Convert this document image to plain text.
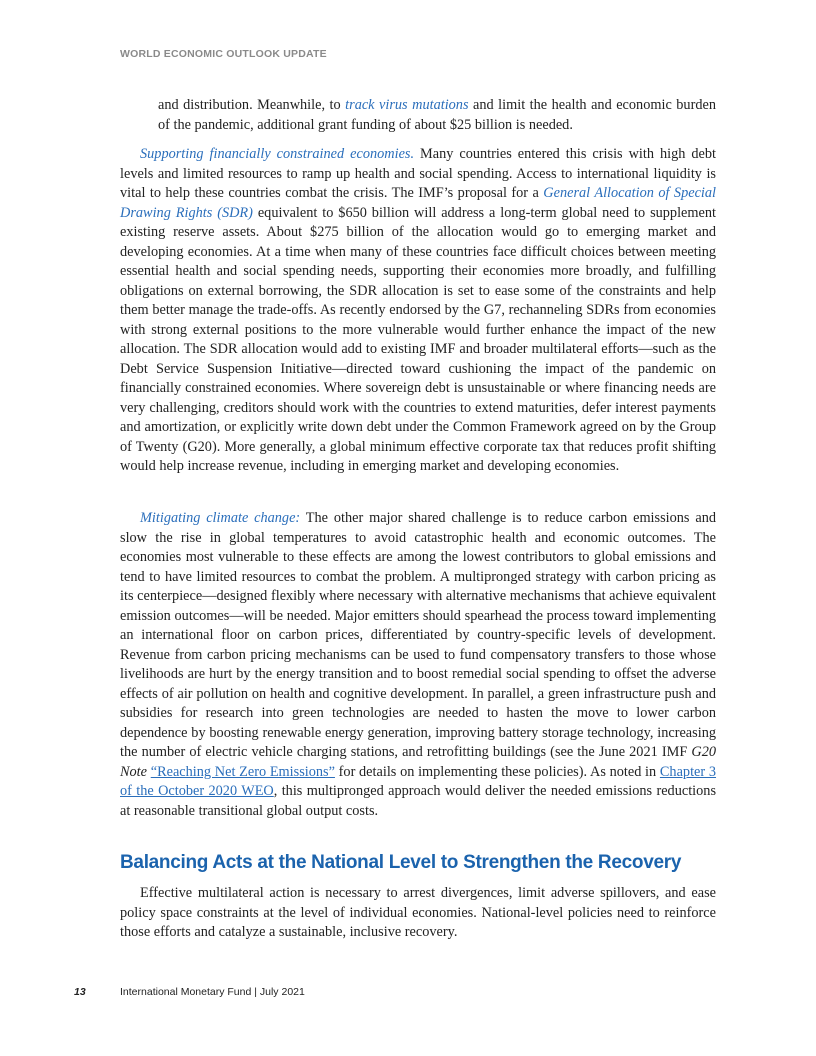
WORLD ECONOMIC OUTLOOK UPDATE

and distribution. Meanwhile, to track virus mutations and limit the health and economic burden of the pandemic, additional grant funding of about $25 billion is needed.

Supporting financially constrained economies. Many countries entered this crisis with high debt levels and limited resources to ramp up health and social spending. Access to international liquidity is vital to help these countries combat the crisis. The IMF’s proposal for a General Allocation of Special Drawing Rights (SDR) equivalent to $650 billion will address a long-term global need to supplement existing reserve assets. About $275 billion of the allocation would go to emerging market and developing economies. At a time when many of these countries face difficult choices between meeting essential health and social spending needs, supporting their economies more broadly, and fulfilling obligations on external borrowing, the SDR allocation is set to ease some of the constraints and help them better manage the trade-offs. As recently endorsed by the G7, rechanneling SDRs from economies with strong external positions to the more vulnerable would further enhance the impact of the new allocation. The SDR allocation would add to existing IMF and broader multilateral efforts—such as the Debt Service Suspension Initiative—directed toward cushioning the impact of the pandemic on financially constrained economies. Where sovereign debt is unsustainable or where financing needs are very challenging, creditors should work with the countries to extend maturities, defer interest payments and amortization, or explicitly write down debt under the Common Framework agreed on by the Group of Twenty (G20). More generally, a global minimum effective corporate tax that reduces profit shifting would help increase revenue, including in emerging market and developing economies.

Mitigating climate change: The other major shared challenge is to reduce carbon emissions and slow the rise in global temperatures to avoid catastrophic health and economic outcomes. The economies most vulnerable to these effects are among the lowest contributors to global emissions and tend to have limited resources to combat the problem. A multipronged strategy with carbon pricing as its centerpiece—designed flexibly where necessary with alternative mechanisms that achieve equivalent emission outcomes—will be needed. Major emitters should spearhead the process toward implementing an international floor on carbon prices, differentiated by country-specific levels of development. Revenue from carbon pricing mechanisms can be used to fund compensatory transfers to those whose livelihoods are hurt by the energy transition and to boost remedial social spending to offset the adverse effects of air pollution on health and cognitive development. In parallel, a green infrastructure push and subsidies for research into green technologies are needed to hasten the move to lower carbon dependence by boosting renewable energy generation, improving battery storage technology, increasing the number of electric vehicle charging stations, and retrofitting buildings (see the June 2021 IMF G20 Note “Reaching Net Zero Emissions” for details on implementing these policies). As noted in Chapter 3 of the October 2020 WEO, this multipronged approach would deliver the needed emissions reductions at reasonable transitional global output costs.

Balancing Acts at the National Level to Strengthen the Recovery

Effective multilateral action is necessary to arrest divergences, limit adverse spillovers, and ease policy space constraints at the level of individual economies. National-level policies need to reinforce those efforts and catalyze a sustainable, inclusive recovery.

13	International Monetary Fund | July 2021
